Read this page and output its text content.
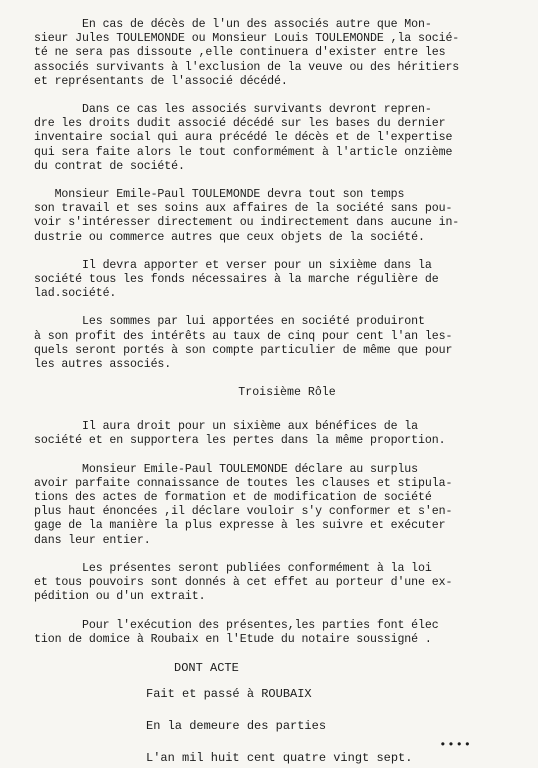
En cas de décès de l'un des associés autre que Mon-
sieur Jules TOULEMONDE ou Monsieur Louis TOULEMONDE ,la socié-
té ne sera pas dissoute ,elle continuera d'exister entre les
associés survivants à l'exclusion de la veuve ou des héritiers
et représentants de l'associé décédé.
Dans ce cas les associés survivants devront repren-
dre les droits dudit associé décédé sur les bases du dernier
inventaire social qui aura précédé le décès et de l'expertise
qui sera faite alors le tout conformément à l'article onzième
du contrat de société.
Monsieur Emile-Paul TOULEMONDE devra tout son temps
son travail et ses soins aux affaires de la société sans pou-
voir s'intéresser directement ou indirectement dans aucune in-
dustrie ou commerce autres que ceux objets de la société.
Il devra apporter et verser pour un sixième dans la
société tous les fonds nécessaires à la marche régulière de
lad.société.
Les sommes par lui apportées en société produiront
à son profit des intérêts au taux de cinq pour cent l'an les-
quels seront portés à son compte particulier de même que pour
les autres associés.
Troisième Rôle
Il aura droit pour un sixième aux bénéfices de la
société et en supportera les pertes dans la même proportion.
Monsieur Emile-Paul TOULEMONDE déclare au surplus
avoir parfaite connaissance de toutes les clauses et stipula-
tions des actes de formation et de modification de société
plus haut énoncées ,il déclare vouloir s'y conformer et s'en-
gage de la manière la plus expresse à les suivre et exécuter
dans leur entier.
Les présentes seront publiées conformément à la loi
et tous pouvoirs sont donnés à cet effet au porteur d'une ex-
pédition ou d'un extrait.
Pour l'exécution des présentes,les parties font élec
tion de domice à Roubaix en l'Etude du notaire soussigné .
DONT ACTE
Fait et passé à ROUBAIX
En la demeure des parties
L'an mil huit cent quatre vingt sept.
••••
